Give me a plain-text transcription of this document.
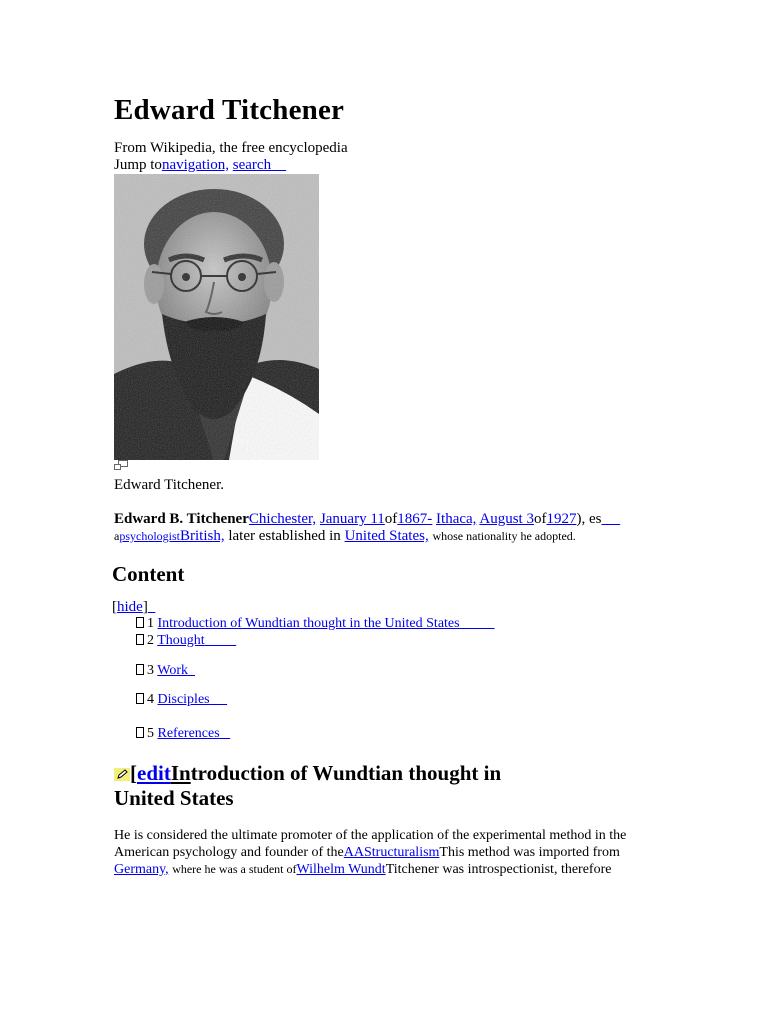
Edward Titchener
From Wikipedia, the free encyclopedia
Jump tonavigation, search
Edward Titchener.
Edward B. TitchenerChichester, January 11of1867- Ithaca, August 3of1927), es
apsychologistBritish, later established in United States, whose nationality he adopted.
Content
[hide]
1 Introduction of Wundtian thought in the United States
2 Thought
3 Work
4 Disciples
5 References
[editIntroduction of Wundtian thought in
United States
He is considered the ultimate promoter of the application of the experimental method in the
American psychology and founder of theAAStructuralismThis method was imported from
Germany, where he was a student ofWilhelm WundtTitchener was introspectionist, therefore
